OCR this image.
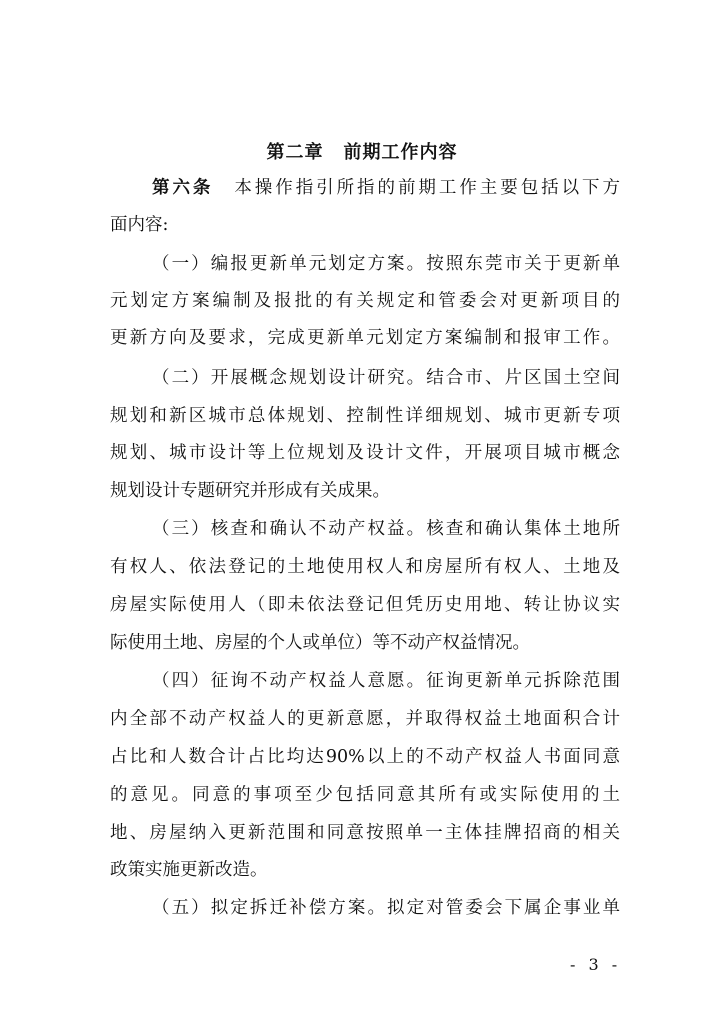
第二章 前期工作内容
第六条 本操作指引所指的前期工作主要包括以下方
面内容:
（一）编报更新单元划定方案。按照东莞市关于更新单
元划定方案编制及报批的有关规定和管委会对更新项目的
更新方向及要求，完成更新单元划定方案编制和报审工作。
（二）开展概念规划设计研究。结合市、片区国土空间
规划和新区城市总体规划、控制性详细规划、城市更新专项
规划、城市设计等上位规划及设计文件，开展项目城市概念
规划设计专题研究并形成有关成果。
（三）核查和确认不动产权益。核查和确认集体土地所
有权人、依法登记的土地使用权人和房屋所有权人、土地及
房屋实际使用人（即未依法登记但凭历史用地、转让协议实
际使用土地、房屋的个人或单位）等不动产权益情况。
（四）征询不动产权益人意愿。征询更新单元拆除范围
内全部不动产权益人的更新意愿，并取得权益土地面积合计
占比和人数合计占比均达90%以上的不动产权益人书面同意
的意见。同意的事项至少包括同意其所有或实际使用的土
地、房屋纳入更新范围和同意按照单一主体挂牌招商的相关
政策实施更新改造。
（五）拟定拆迁补偿方案。拟定对管委会下属企事业单
- 3 -
